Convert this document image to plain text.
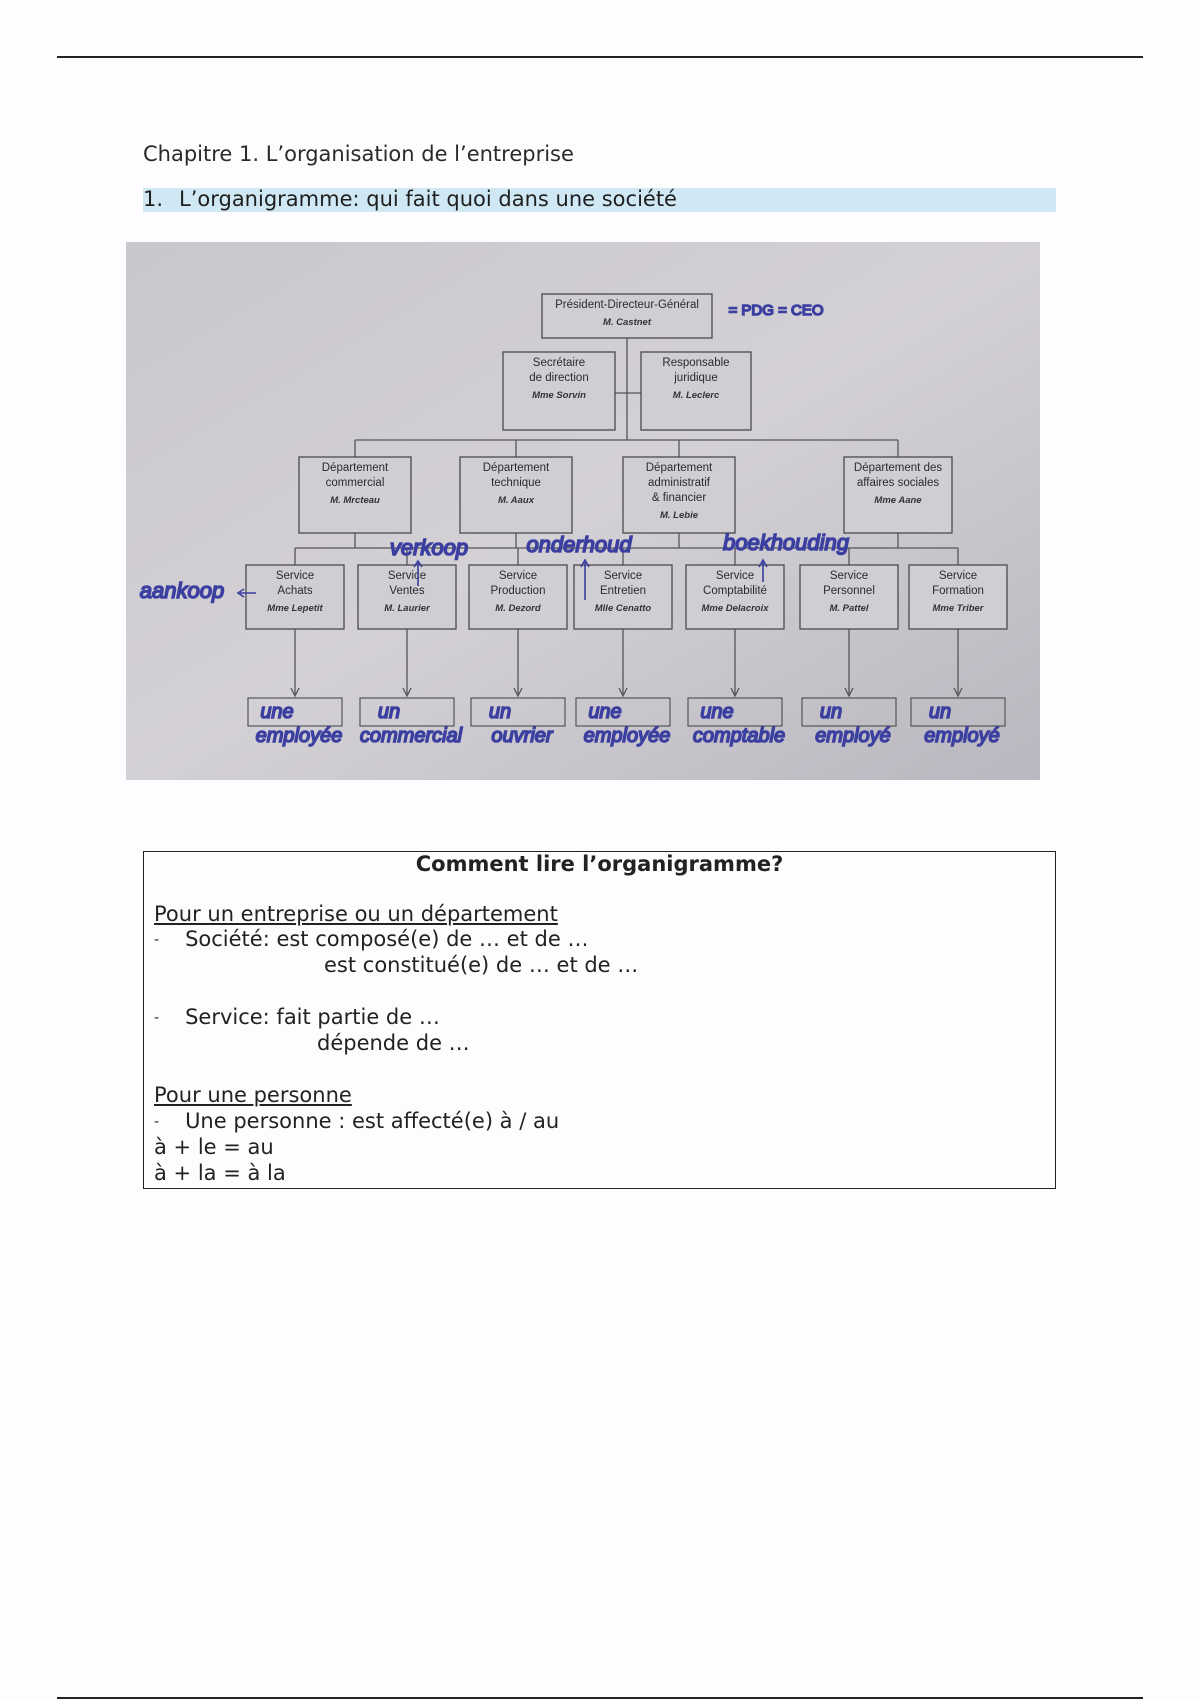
Chapitre 1. L’organisation de l’entreprise
1. L’organigramme: qui fait quoi dans une société
Président-Directeur-Général
M. Castnet
Secrétaire
de direction
Mme Sorvin
Responsable
juridique
M. Leclerc
Département
commercial
M. Mrcteau
Département
technique
M. Aaux
Département
administratif
& financier
M. Lebie
Département des
affaires sociales
Mme Aane
Service
Achats
Mme Lepetit
Service
Ventes
M. Laurier
Service
Production
M. Dezord
Service
Entretien
Mlle Cenatto
Service
Comptabilité
Mme Delacroix
Service
Personnel
M. Pattel
Service
Formation
Mme Triber
= PDG = CEO
une
employée
un
commercial
un
ouvrier
une
employée
une
comptable
un
employé
un
employé
aankoop
verkoop	onderhoud	boekhouding
Comment lire l’organigramme?
Pour un entreprise ou un département
- Société: est composé(e) de … et de …
est constitué(e) de … et de …
- Service: fait partie de …
dépende de …
Pour une personne
- Une personne : est affecté(e) à / au
à + le = au
à + la = à la
